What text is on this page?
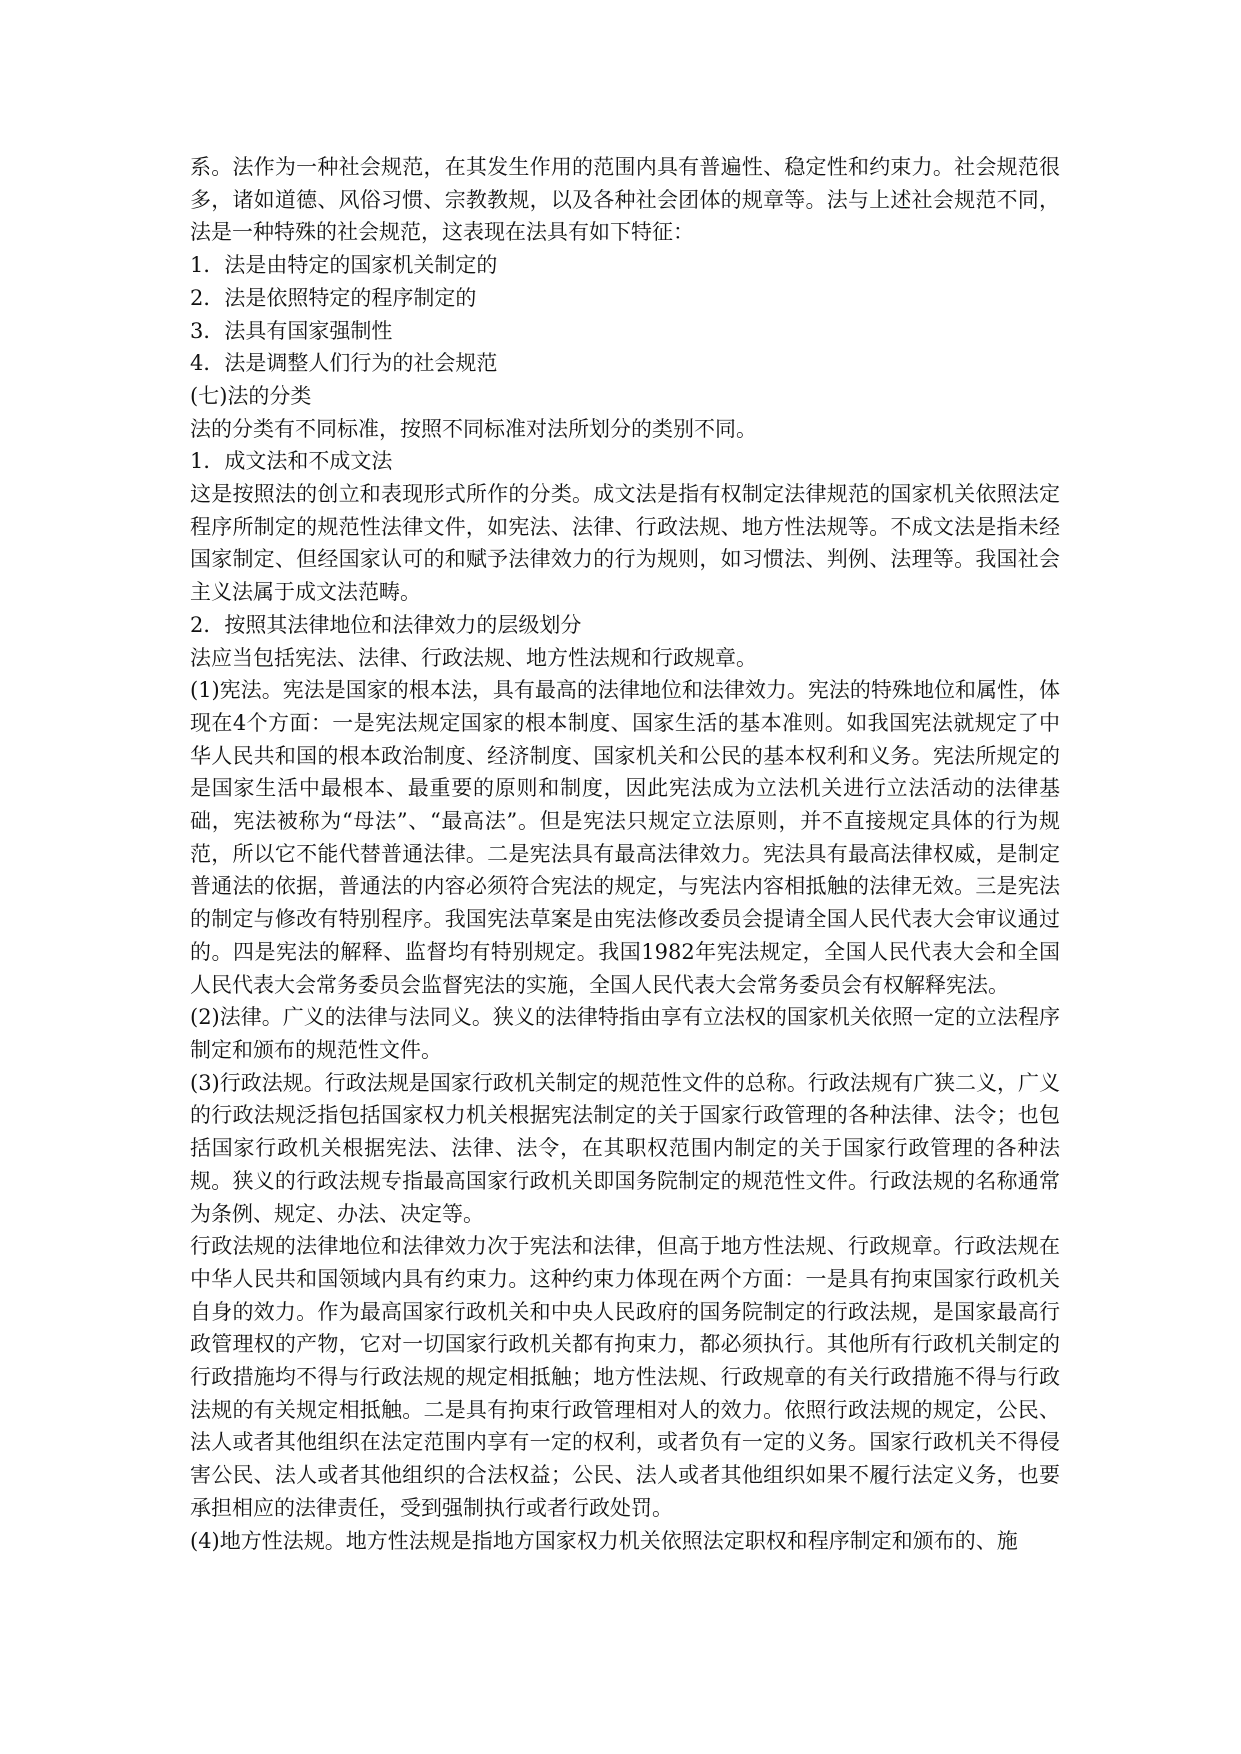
系。法作为一种社会规范，在其发生作用的范围内具有普遍性、稳定性和约束力。社会规范很多，诸如道德、风俗习惯、宗教教规，以及各种社会团体的规章等。法与上述社会规范不同，法是一种特殊的社会规范，这表现在法具有如下特征：

1．法是由特定的国家机关制定的

2．法是依照特定的程序制定的

3．法具有国家强制性

4．法是调整人们行为的社会规范

(七)法的分类

法的分类有不同标准，按照不同标准对法所划分的类别不同。

1．成文法和不成文法

这是按照法的创立和表现形式所作的分类。成文法是指有权制定法律规范的国家机关依照法定程序所制定的规范性法律文件，如宪法、法律、行政法规、地方性法规等。不成文法是指未经国家制定、但经国家认可的和赋予法律效力的行为规则，如习惯法、判例、法理等。我国社会主义法属于成文法范畴。

2．按照其法律地位和法律效力的层级划分

法应当包括宪法、法律、行政法规、地方性法规和行政规章。

(1)宪法。宪法是国家的根本法，具有最高的法律地位和法律效力。宪法的特殊地位和属性，体现在4个方面：一是宪法规定国家的根本制度、国家生活的基本准则。如我国宪法就规定了中华人民共和国的根本政治制度、经济制度、国家机关和公民的基本权利和义务。宪法所规定的是国家生活中最根本、最重要的原则和制度，因此宪法成为立法机关进行立法活动的法律基础，宪法被称为“母法”、“最高法”。但是宪法只规定立法原则，并不直接规定具体的行为规范，所以它不能代替普通法律。二是宪法具有最高法律效力。宪法具有最高法律权威，是制定普通法的依据，普通法的内容必须符合宪法的规定，与宪法内容相抵触的法律无效。三是宪法的制定与修改有特别程序。我国宪法草案是由宪法修改委员会提请全国人民代表大会审议通过的。四是宪法的解释、监督均有特别规定。我国1982年宪法规定，全国人民代表大会和全国人民代表大会常务委员会监督宪法的实施，全国人民代表大会常务委员会有权解释宪法。

(2)法律。广义的法律与法同义。狭义的法律特指由享有立法权的国家机关依照一定的立法程序制定和颁布的规范性文件。

(3)行政法规。行政法规是国家行政机关制定的规范性文件的总称。行政法规有广狭二义，广义的行政法规泛指包括国家权力机关根据宪法制定的关于国家行政管理的各种法律、法令；也包括国家行政机关根据宪法、法律、法令，在其职权范围内制定的关于国家行政管理的各种法规。狭义的行政法规专指最高国家行政机关即国务院制定的规范性文件。行政法规的名称通常为条例、规定、办法、决定等。

行政法规的法律地位和法律效力次于宪法和法律，但高于地方性法规、行政规章。行政法规在中华人民共和国领域内具有约束力。这种约束力体现在两个方面：一是具有拘束国家行政机关自身的效力。作为最高国家行政机关和中央人民政府的国务院制定的行政法规，是国家最高行政管理权的产物，它对一切国家行政机关都有拘束力，都必须执行。其他所有行政机关制定的行政措施均不得与行政法规的规定相抵触；地方性法规、行政规章的有关行政措施不得与行政法规的有关规定相抵触。二是具有拘束行政管理相对人的效力。依照行政法规的规定，公民、法人或者其他组织在法定范围内享有一定的权利，或者负有一定的义务。国家行政机关不得侵害公民、法人或者其他组织的合法权益；公民、法人或者其他组织如果不履行法定义务，也要承担相应的法律责任，受到强制执行或者行政处罚。

(4)地方性法规。地方性法规是指地方国家权力机关依照法定职权和程序制定和颁布的、施
